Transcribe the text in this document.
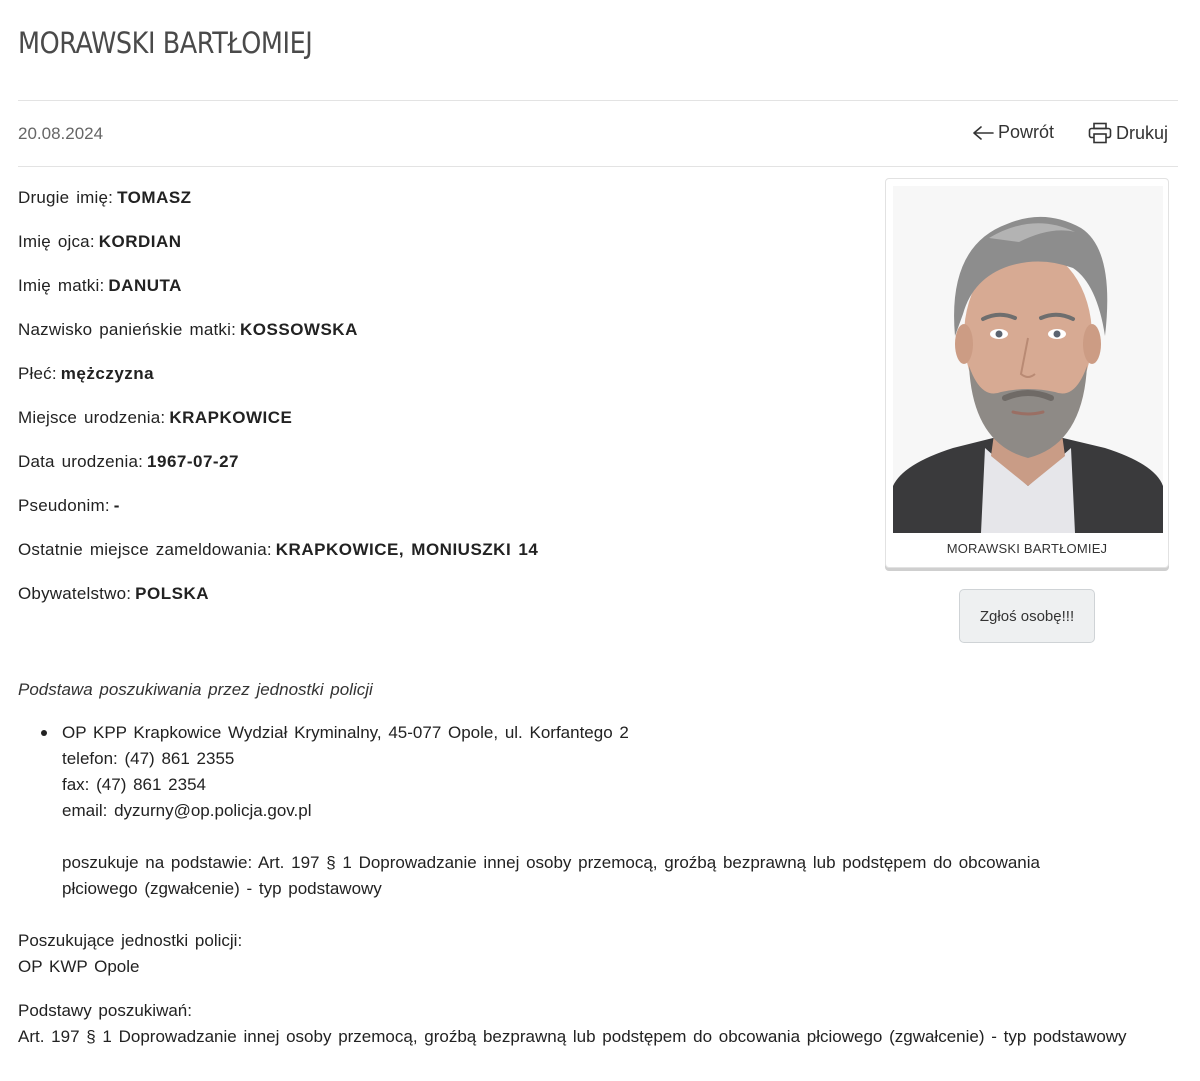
MORAWSKI BARTŁOMIEJ
20.08.2024	Powrót	Drukuj
Drugie imię: TOMASZ
Imię ojca: KORDIAN
Imię matki: DANUTA
Nazwisko panieńskie matki: KOSSOWSKA
Płeć: mężczyzna
Miejsce urodzenia: KRAPKOWICE
Data urodzenia: 1967-07-27
Pseudonim: -
Ostatnie miejsce zameldowania: KRAPKOWICE, MONIUSZKI 14
Obywatelstwo: POLSKA
MORAWSKI BARTŁOMIEJ
Zgłoś osobę!!!
Podstawa poszukiwania przez jednostki policji
OP KPP Krapkowice Wydział Kryminalny, 45-077 Opole, ul. Korfantego 2
telefon: (47) 861 2355
fax: (47) 861 2354
email: dyzurny@op.policja.gov.pl
poszukuje na podstawie: Art. 197 § 1 Doprowadzanie innej osoby przemocą, groźbą bezprawną lub podstępem do obcowania płciowego (zgwałcenie) - typ podstawowy
Poszukujące jednostki policji:
OP KWP Opole
Podstawy poszukiwań:
Art. 197 § 1 Doprowadzanie innej osoby przemocą, groźbą bezprawną lub podstępem do obcowania płciowego (zgwałcenie) - typ podstawowy
